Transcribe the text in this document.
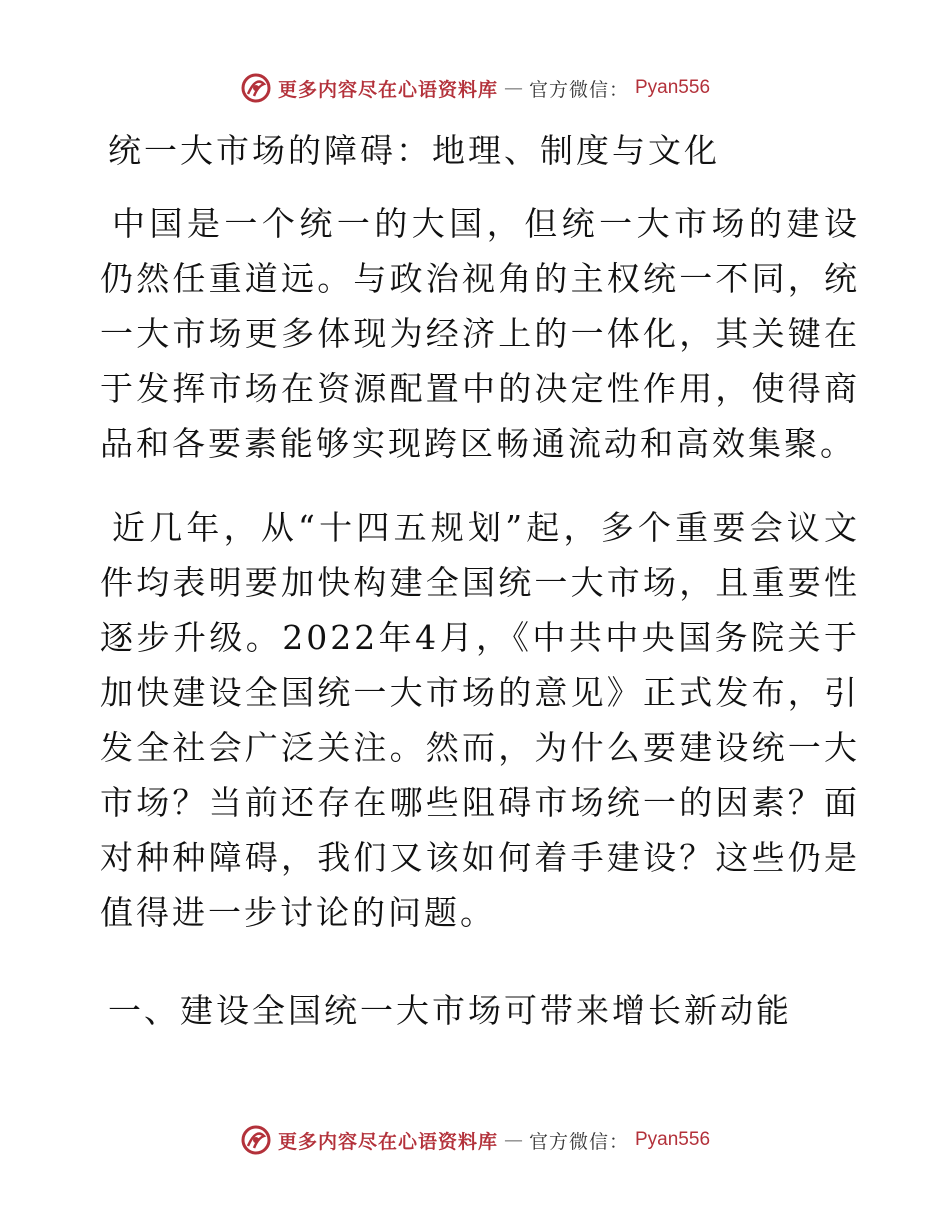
更多内容尽在心语资料库 — 官方微信： Pyan556
统一大市场的障碍：地理、制度与文化

中国是一个统一的大国，但统一大市场的建设仍然任重道远。与政治视角的主权统一不同，统一大市场更多体现为经济上的一体化，其关键在于发挥市场在资源配置中的决定性作用，使得商品和各要素能够实现跨区畅通流动和高效集聚。

近几年，从“十四五规划”起，多个重要会议文件均表明要加快构建全国统一大市场，且重要性逐步升级。2022年4月，《中共中央国务院关于加快建设全国统一大市场的意见》正式发布，引发全社会广泛关注。然而，为什么要建设统一大市场？当前还存在哪些阻碍市场统一的因素？面对种种障碍，我们又该如何着手建设？这些仍是值得进一步讨论的问题。

一、建设全国统一大市场可带来增长新动能
更多内容尽在心语资料库 — 官方微信： Pyan556
